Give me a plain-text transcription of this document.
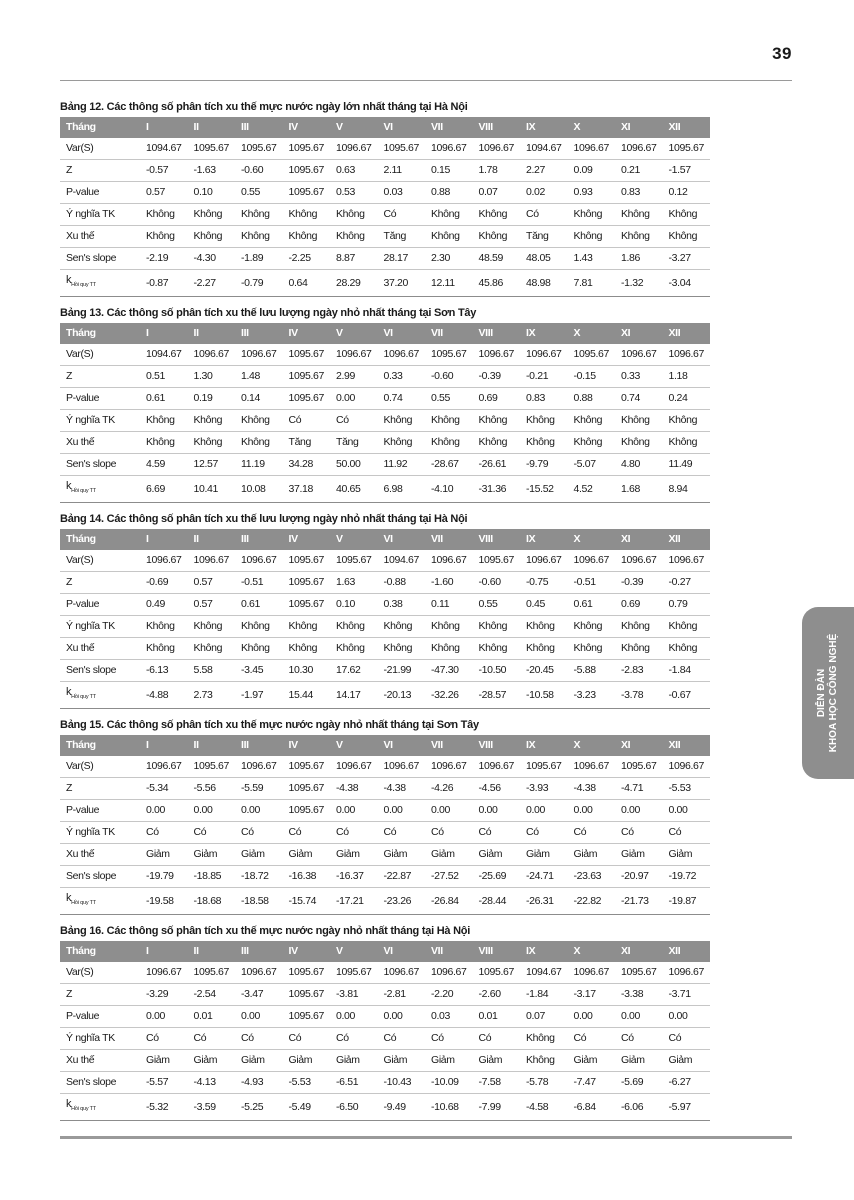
39
Bảng 12. Các thông số phân tích xu thế mực nước ngày lớn nhất tháng tại Hà Nội
Tháng	I	II	III	IV	V	VI	VII	VIII	IX	X	XI	XII
Var(S)	1094.67	1095.67	1095.67	1095.67	1096.67	1095.67	1096.67	1096.67	1094.67	1096.67	1096.67	1095.67
Z	-0.57	-1.63	-0.60	1095.67	0.63	2.11	0.15	1.78	2.27	0.09	0.21	-1.57
P-value	0.57	0.10	0.55	1095.67	0.53	0.03	0.88	0.07	0.02	0.93	0.83	0.12
Ý nghĩa TK	Không	Không	Không	Không	Không	Có	Không	Không	Có	Không	Không	Không
Xu thế	Không	Không	Không	Không	Không	Tăng	Không	Không	Tăng	Không	Không	Không
Sen's slope	-2.19	-4.30	-1.89	-2.25	8.87	28.17	2.30	48.59	48.05	1.43	1.86	-3.27
$k_{Hồi quy TT}$	-0.87	-2.27	-0.79	0.64	28.29	37.20	12.11	45.86	48.98	7.81	-1.32	-3.04
Bảng 13. Các thông số phân tích xu thế lưu lượng ngày nhỏ nhất tháng tại Sơn Tây
Tháng	I	II	III	IV	V	VI	VII	VIII	IX	X	XI	XII
Var(S)	1094.67	1096.67	1096.67	1095.67	1096.67	1096.67	1095.67	1096.67	1096.67	1095.67	1096.67	1096.67
Z	0.51	1.30	1.48	1095.67	2.99	0.33	-0.60	-0.39	-0.21	-0.15	0.33	1.18
P-value	0.61	0.19	0.14	1095.67	0.00	0.74	0.55	0.69	0.83	0.88	0.74	0.24
Ý nghĩa TK	Không	Không	Không	Có	Có	Không	Không	Không	Không	Không	Không	Không
Xu thế	Không	Không	Không	Tăng	Tăng	Không	Không	Không	Không	Không	Không	Không
Sen's slope	4.59	12.57	11.19	34.28	50.00	11.92	-28.67	-26.61	-9.79	-5.07	4.80	11.49
$k_{Hồi quy TT}$	6.69	10.41	10.08	37.18	40.65	6.98	-4.10	-31.36	-15.52	4.52	1.68	8.94
Bảng 14. Các thông số phân tích xu thế lưu lượng ngày nhỏ nhất tháng tại Hà Nội
Tháng	I	II	III	IV	V	VI	VII	VIII	IX	X	XI	XII
Var(S)	1096.67	1096.67	1096.67	1095.67	1095.67	1094.67	1096.67	1095.67	1096.67	1096.67	1096.67	1096.67
Z	-0.69	0.57	-0.51	1095.67	1.63	-0.88	-1.60	-0.60	-0.75	-0.51	-0.39	-0.27
P-value	0.49	0.57	0.61	1095.67	0.10	0.38	0.11	0.55	0.45	0.61	0.69	0.79
Ý nghĩa TK	Không	Không	Không	Không	Không	Không	Không	Không	Không	Không	Không	Không
Xu thế	Không	Không	Không	Không	Không	Không	Không	Không	Không	Không	Không	Không
Sen's slope	-6.13	5.58	-3.45	10.30	17.62	-21.99	-47.30	-10.50	-20.45	-5.88	-2.83	-1.84
$k_{Hồi quy TT}$	-4.88	2.73	-1.97	15.44	14.17	-20.13	-32.26	-28.57	-10.58	-3.23	-3.78	-0.67
Bảng 15. Các thông số phân tích xu thế mực nước ngày nhỏ nhất tháng tại Sơn Tây
Tháng	I	II	III	IV	V	VI	VII	VIII	IX	X	XI	XII
Var(S)	1096.67	1095.67	1096.67	1095.67	1096.67	1096.67	1096.67	1096.67	1095.67	1096.67	1095.67	1096.67
Z	-5.34	-5.56	-5.59	1095.67	-4.38	-4.38	-4.26	-4.56	-3.93	-4.38	-4.71	-5.53
P-value	0.00	0.00	0.00	1095.67	0.00	0.00	0.00	0.00	0.00	0.00	0.00	0.00
Ý nghĩa TK	Có	Có	Có	Có	Có	Có	Có	Có	Có	Có	Có	Có
Xu thế	Giảm	Giảm	Giảm	Giảm	Giảm	Giảm	Giảm	Giảm	Giảm	Giảm	Giảm	Giảm
Sen's slope	-19.79	-18.85	-18.72	-16.38	-16.37	-22.87	-27.52	-25.69	-24.71	-23.63	-20.97	-19.72
$k_{Hồi quy TT}$	-19.58	-18.68	-18.58	-15.74	-17.21	-23.26	-26.84	-28.44	-26.31	-22.82	-21.73	-19.87
Bảng 16. Các thông số phân tích xu thế mực nước ngày nhỏ nhất tháng tại Hà Nội
Tháng	I	II	III	IV	V	VI	VII	VIII	IX	X	XI	XII
Var(S)	1096.67	1095.67	1096.67	1095.67	1095.67	1096.67	1096.67	1095.67	1094.67	1096.67	1095.67	1096.67
Z	-3.29	-2.54	-3.47	1095.67	-3.81	-2.81	-2.20	-2.60	-1.84	-3.17	-3.38	-3.71
P-value	0.00	0.01	0.00	1095.67	0.00	0.00	0.03	0.01	0.07	0.00	0.00	0.00
Ý nghĩa TK	Có	Có	Có	Có	Có	Có	Có	Có	Không	Có	Có	Có
Xu thế	Giảm	Giảm	Giảm	Giảm	Giảm	Giảm	Giảm	Giảm	Không	Giảm	Giảm	Giảm
Sen's slope	-5.57	-4.13	-4.93	-5.53	-6.51	-10.43	-10.09	-7.58	-5.78	-7.47	-5.69	-6.27
$k_{Hồi quy TT}$	-5.32	-3.59	-5.25	-5.49	-6.50	-9.49	-10.68	-7.99	-4.58	-6.84	-6.06	-5.97
DIỄN ĐÀN KHOA HỌC CÔNG NGHỆ
